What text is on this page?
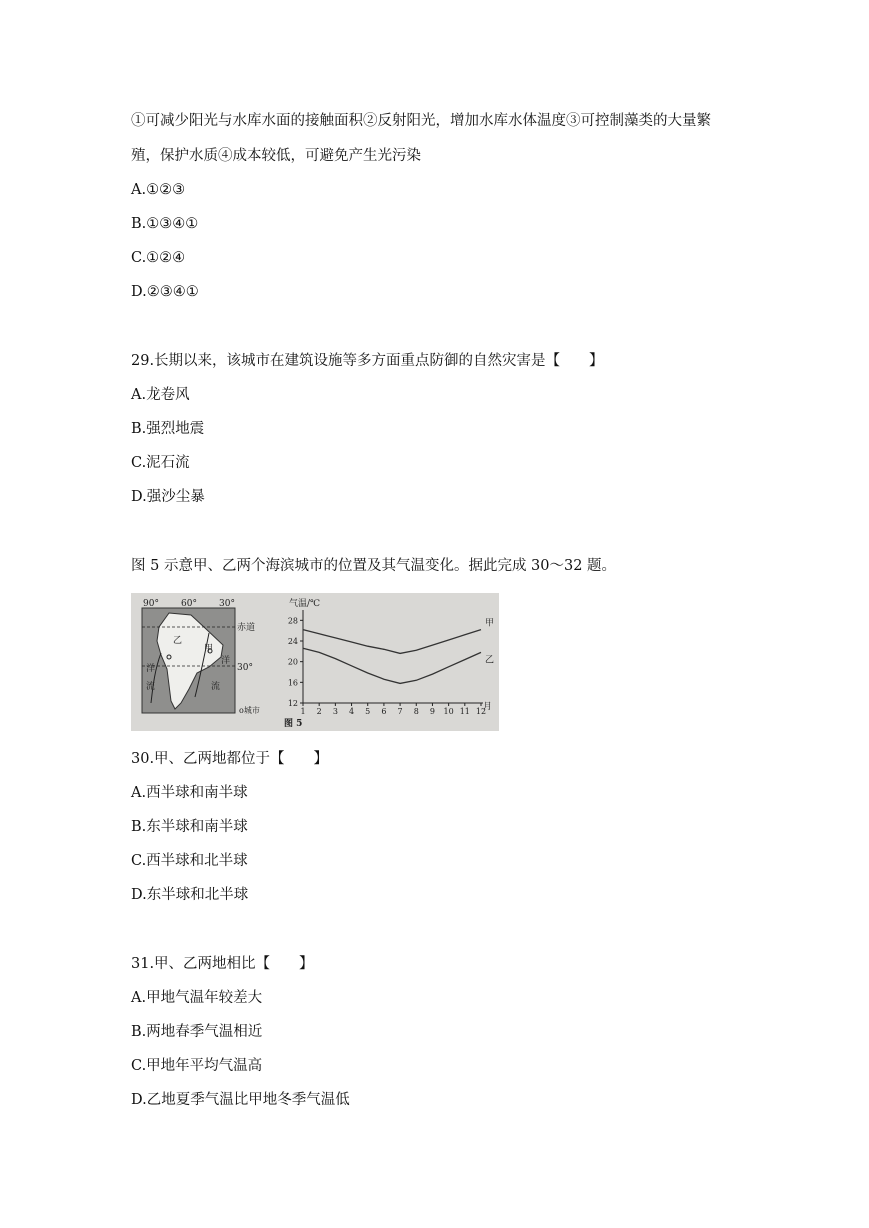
①可减少阳光与水库水面的接触面积②反射阳光，增加水库水体温度③可控制藻类的大量繁
殖，保护水质④成本较低，可避免产生光污染
A.①②③
B.①③④①
C.①②④
D.②③④①
29.长期以来，该城市在建筑设施等多方面重点防御的自然灾害是【　　】
A.龙卷风
B.强烈地震
C.泥石流
D.强沙尘暴
图 5 示意甲、乙两个海滨城市的位置及其气温变化。据此完成 30～32 题。
90° 60° 30°
赤道
30°
甲
乙
洋
流
洋
流
o城市
气温/℃
月
图 5
28
24
20
16
12
1 2 3 4 5 6 7 8 9 10 11 12
甲
乙
30.甲、乙两地都位于【　　】
A.西半球和南半球
B.东半球和南半球
C.西半球和北半球
D.东半球和北半球
31.甲、乙两地相比【　　】
A.甲地气温年较差大
B.两地春季气温相近
C.甲地年平均气温高
D.乙地夏季气温比甲地冬季气温低
